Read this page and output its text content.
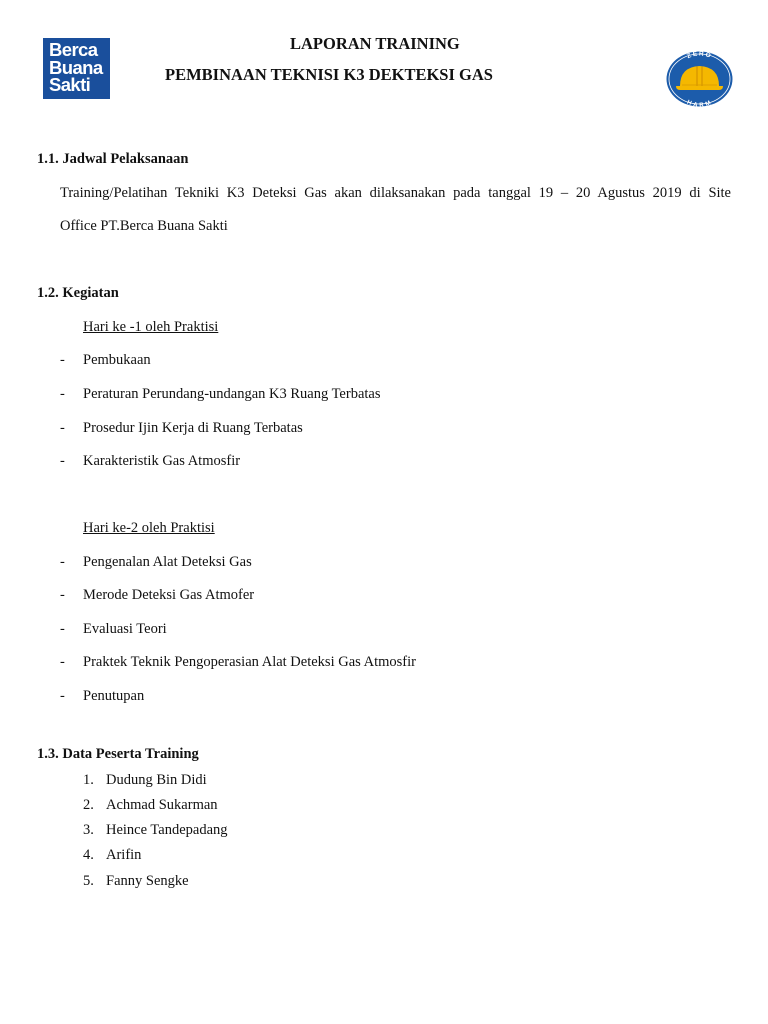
Berca
Buana
Sakti
LAPORAN TRAINING
PEMBINAAN TEKNISI K3 DEKTEKSI GAS
ZERO
HARM
1.1. Jadwal Pelaksanaan
Training/Pelatihan Tekniki K3 Deteksi Gas akan dilaksanakan pada tanggal 19 – 20 Agustus 2019 di Site
Office PT.Berca Buana Sakti
1.2. Kegiatan
Hari ke -1 oleh Praktisi
- Pembukaan
- Peraturan Perundang-undangan K3 Ruang Terbatas
- Prosedur Ijin Kerja di Ruang Terbatas
- Karakteristik Gas Atmosfir
Hari ke-2 oleh Praktisi
- Pengenalan Alat Deteksi Gas
- Merode Deteksi Gas Atmofer
- Evaluasi Teori
- Praktek Teknik Pengoperasian Alat Deteksi Gas Atmosfir
- Penutupan
1.3. Data Peserta Training
1. Dudung Bin Didi
2. Achmad Sukarman
3. Heince Tandepadang
4. Arifin
5. Fanny Sengke
